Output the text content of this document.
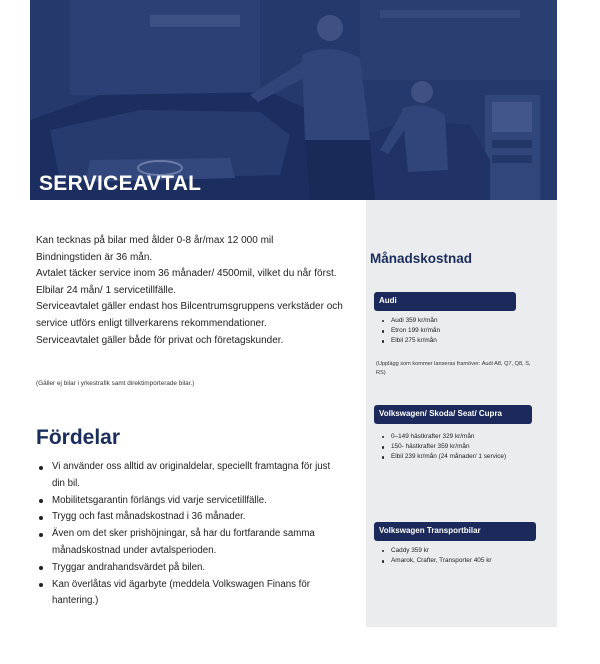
SERVICEAVTAL

Kan tecknas på bilar med ålder 0-8 år/max 12 000 mil

Bindningstiden är 36 mån.

Avtalet täcker service inom 36 månader/ 4500mil, vilket du når först. Elbilar 24 mån/ 1 servicetillfälle.

Serviceavtalet gäller endast hos Bilcentrumsgruppens verkstäder och service utförs enligt tillverkarens rekommendationer.

Serviceavtalet gäller både för privat och företagskunder.

(Gäller ej bilar i yrkestrafik samt direktimporterade bilar.)
Fördelar
Vi använder oss alltid av originaldelar, speciellt framtagna för just din bil.
Mobilitetsgarantin förlängs vid varje servicetillfälle.
Trygg och fast månadskostnad i 36 månader.
Även om det sker prishöjningar, så har du fortfarande samma månadskostnad under avtalsperioden.
Tryggar andrahandsvärdet på bilen.
Kan överlåtas vid ägarbyte (meddela Volkswagen Finans för hantering.)
Månadskostnad
Audi
Audi 359 kr/mån
Etron 199 kr/mån
Elbil 275 kr/mån
(Upplägg som kommer lanseras framöver: Audi A8, Q7, Q8, S, RS)
Volkswagen/ Skoda/ Seat/ Cupra
0–149 hästkrafter 329 kr/mån
150- hästkrafter 359 kr/mån
Elbil 239 kr/mån (24 månader/ 1 service)
Volkswagen Transportbilar
Caddy 359 kr
Amarok, Crafter, Transporter 405 kr
